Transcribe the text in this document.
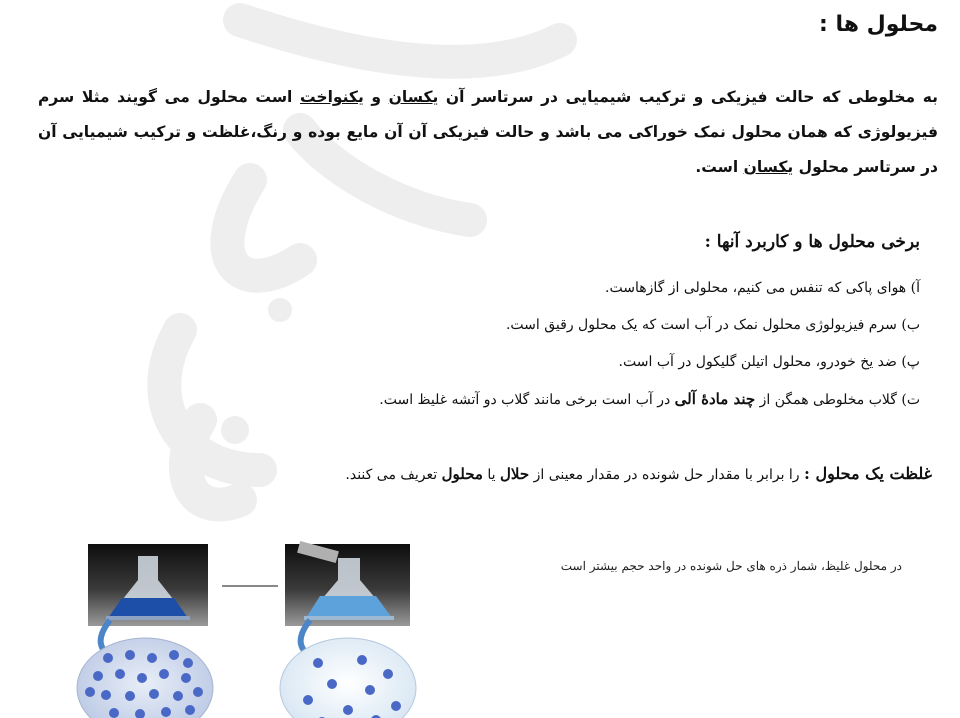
محلول ها :
به مخلوطی که حالت فیزیکی و ترکیب شیمیایی در سرتاسر آن یکسان و یکنواخت است محلول می گویند مثلا سرم فیزیولوژی که همان محلول نمک خوراکی می باشد و حالت فیزیکی آن آن مایع بوده و رنگ،غلظت و ترکیب شیمیایی آن در سرتاسر محلول یکسان است.
برخی محلول ها و کاربرد آنها :
آ) هوای پاکی که تنفس می کنیم، محلولی از گازهاست.
ب) سرم فیزیولوژی محلول نمک در آب است که یک محلول رقیق است.
پ) ضد یخ خودرو، محلول اتیلن گلیکول در آب است.
ت) گلاب مخلوطی همگن از چند مادهٔ آلی در آب است برخی مانند گلاب دو آتشه غلیظ است.
غلظت یک محلول : را برابر با مقدار حل شونده در مقدار معینی از حلال یا محلول تعریف می کنند.
در محلول غلیظ، شمار ذره های حل شونده در واحد حجم بیشتر است
